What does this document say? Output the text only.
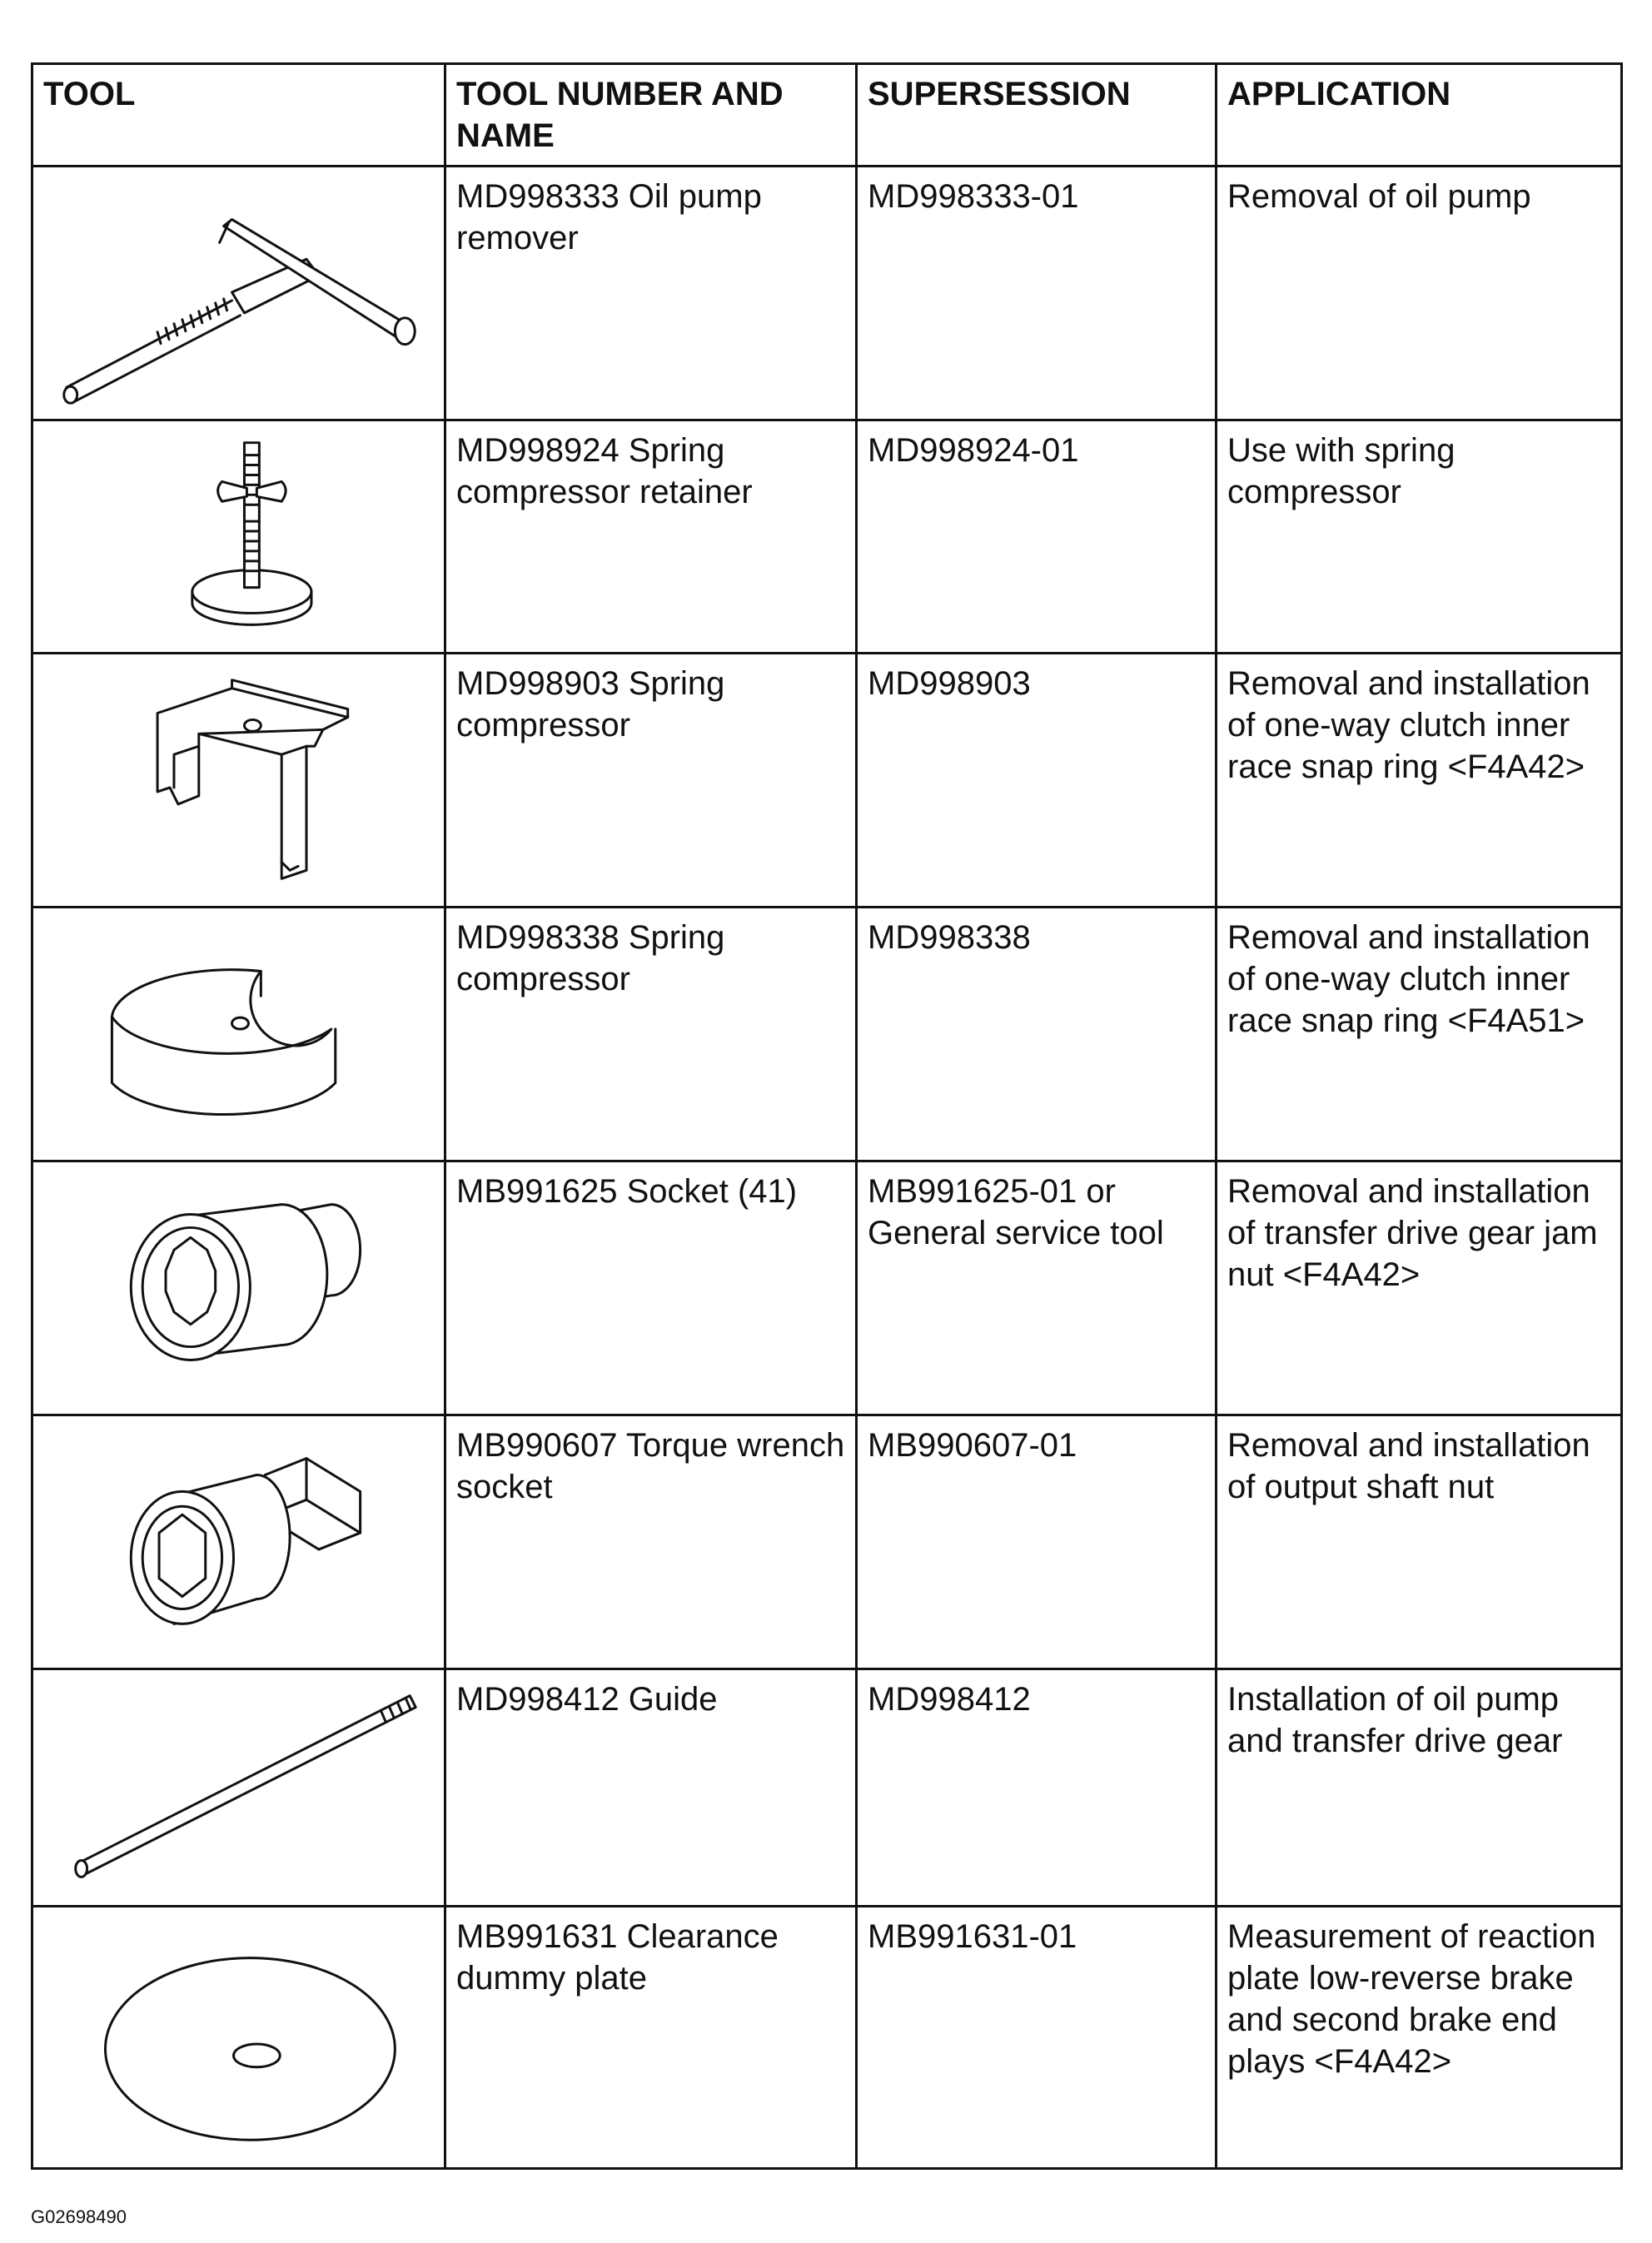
TOOL	TOOL NUMBER AND NAME	SUPERSESSION	APPLICATION

	MD998333 Oil pump remover	MD998333-01	Removal of oil pump

	MD998924 Spring compressor retainer	MD998924-01	Use with spring compressor

	MD998903 Spring compressor	MD998903	Removal and installation of one-way clutch inner race snap ring <F4A42>

	MD998338 Spring compressor	MD998338	Removal and installation of one-way clutch inner race snap ring <F4A51>

	MB991625 Socket (41)	MB991625-01 or General service tool	Removal and installation of transfer drive gear jam nut <F4A42>

	MB990607 Torque wrench socket	MB990607-01	Removal and installation of output shaft nut

	MD998412 Guide	MD998412	Installation of oil pump and transfer drive gear

	MB991631 Clearance dummy plate	MB991631-01	Measurement of reaction plate low-reverse brake and second brake end plays <F4A42>
G02698490
